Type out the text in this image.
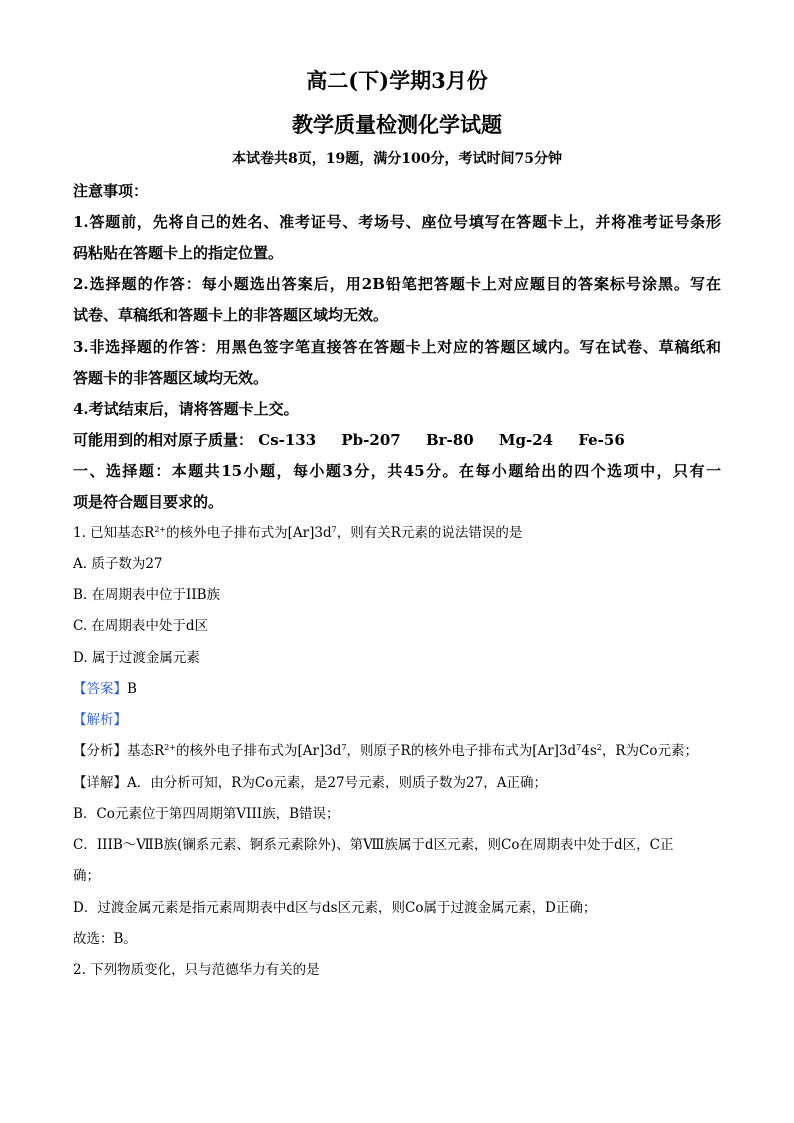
高二(下)学期3月份
教学质量检测化学试题
本试卷共8页，19题，满分100分，考试时间75分钟
注意事项：
1.答题前，先将自己的姓名、准考证号、考场号、座位号填写在答题卡上，并将准考证号条形
码粘贴在答题卡上的指定位置。
2.选择题的作答：每小题选出答案后，用2B铅笔把答题卡上对应题目的答案标号涂黑。写在
试卷、草稿纸和答题卡上的非答题区域均无效。
3.非选择题的作答：用黑色签字笔直接答在答题卡上对应的答题区域内。写在试卷、草稿纸和
答题卡的非答题区域均无效。
4.考试结束后，请将答题卡上交。
可能用到的相对原子质量： Cs-133 Pb-207 Br-80 Mg-24 Fe-56
一、选择题：本题共15小题，每小题3分，共45分。在每小题给出的四个选项中，只有一
项是符合题目要求的。
1. 已知基态$R^{2+}$的核外电子排布式为$[Ar]3d^7$，则有关R元素的说法错误的是
A. 质子数为27
B. 在周期表中位于IIB族
C. 在周期表中处于d区
D. 属于过渡金属元素
【答案】B
【解析】
【分析】基态$R^{2+}$的核外电子排布式为$[Ar]3d^7$，则原子R的核外电子排布式为$[Ar]3d^74s^2$，R为Co元素；
【详解】A．由分析可知，R为Co元素，是27号元素，则质子数为27，A正确；
B．Co元素位于第四周期第VIII族，B错误；
C．IIIB～ⅦB族(镧系元素、锕系元素除外)、第Ⅷ族属于d区元素，则Co在周期表中处于d区，C正
确；
D．过渡金属元素是指元素周期表中d区与ds区元素，则Co属于过渡金属元素，D正确；
故选：B。
2. 下列物质变化，只与范德华力有关的是
